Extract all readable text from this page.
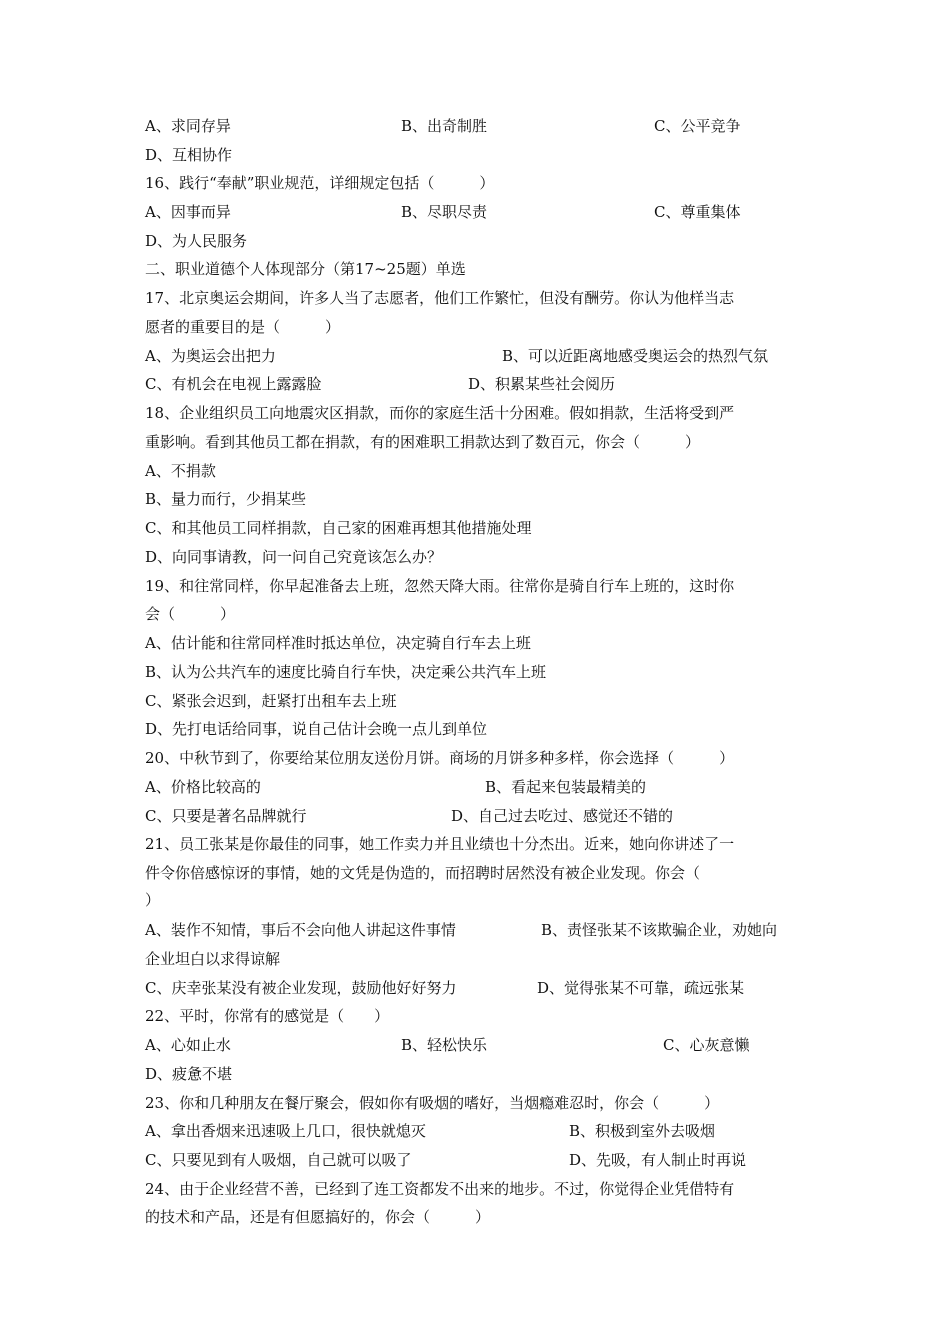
A、求同存异	B、出奇制胜	C、公平竞争
D、互相协作
16、践行“奉献”职业规范，详细规定包括（　　　）
A、因事而异	B、尽职尽责	C、尊重集体
D、为人民服务
二、职业道德个人体现部分（第17~25题）单选
17、北京奥运会期间，许多人当了志愿者，他们工作繁忙，但没有酬劳。你认为他样当志
愿者的重要目的是（　　　）
A、为奥运会出把力	B、可以近距离地感受奥运会的热烈气氛
C、有机会在电视上露露脸	D、积累某些社会阅历
18、企业组织员工向地震灾区捐款，而你的家庭生活十分困难。假如捐款，生活将受到严
重影响。看到其他员工都在捐款，有的困难职工捐款达到了数百元，你会（　　　）
A、不捐款
B、量力而行，少捐某些
C、和其他员工同样捐款，自己家的困难再想其他措施处理
D、向同事请教，问一问自己究竟该怎么办？
19、和往常同样，你早起准备去上班，忽然天降大雨。往常你是骑自行车上班的，这时你
会（　　　）
A、估计能和往常同样准时抵达单位，决定骑自行车去上班
B、认为公共汽车的速度比骑自行车快，决定乘公共汽车上班
C、紧张会迟到，赶紧打出租车去上班
D、先打电话给同事，说自己估计会晚一点儿到单位
20、中秋节到了，你要给某位朋友送份月饼。商场的月饼多种多样，你会选择（　　　）
A、价格比较高的	B、看起来包装最精美的
C、只要是著名品牌就行	D、自己过去吃过、感觉还不错的
21、员工张某是你最佳的同事，她工作卖力并且业绩也十分杰出。近来，她向你讲述了一
件令你倍感惊讶的事情，她的文凭是伪造的，而招聘时居然没有被企业发现。你会（
）
A、装作不知情，事后不会向他人讲起这件事情	B、责怪张某不该欺骗企业，劝她向
企业坦白以求得谅解
C、庆幸张某没有被企业发现，鼓励他好好努力	D、觉得张某不可靠，疏远张某
22、平时，你常有的感觉是（　　）
A、心如止水	B、轻松快乐	C、心灰意懒
D、疲惫不堪
23、你和几种朋友在餐厅聚会，假如你有吸烟的嗜好，当烟瘾难忍时，你会（　　　）
A、拿出香烟来迅速吸上几口，很快就熄灭	B、积极到室外去吸烟
C、只要见到有人吸烟，自己就可以吸了	D、先吸，有人制止时再说
24、由于企业经营不善，已经到了连工资都发不出来的地步。不过，你觉得企业凭借特有
的技术和产品，还是有但愿搞好的，你会（　　　）
